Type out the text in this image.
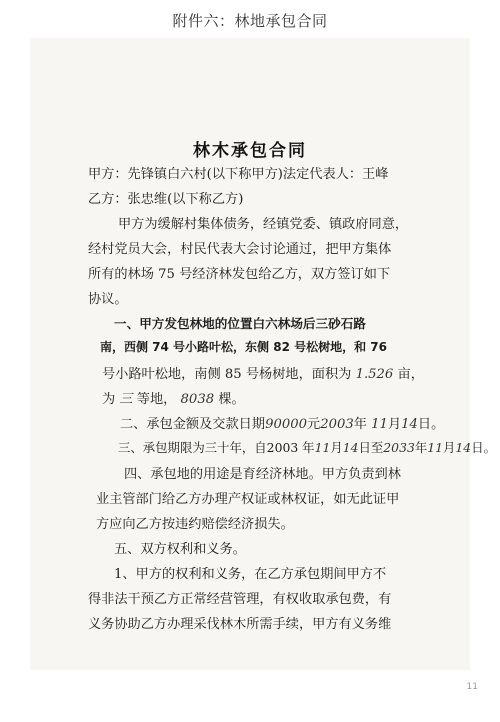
附件六：林地承包合同
林木承包合同
甲方：先锋镇白六村(以下称甲方)法定代表人：王峰
乙方：张忠维(以下称乙方)
甲方为缓解村集体债务，经镇党委、镇政府同意，
经村党员大会，村民代表大会讨论通过，把甲方集体
所有的林场 75 号经济林发包给乙方，双方签订如下
协议。
一、甲方发包林地的位置白六林场后三砂石路
南，西侧 74 号小路叶松，东侧 82 号松树地，和 76
号小路叶松地，南侧 85 号杨树地，面积为 1.526 亩，
为 三 等地， 8038 棵。
二、承包金额及交款日期90000元2003年 11月14日。
三、承包期限为三十年，自2003 年11月14日至2033年11月14日。
四、承包地的用途是育经济林地。甲方负责到林
业主管部门给乙方办理产权证或林权证，如无此证甲
方应向乙方按违约赔偿经济损失。
五、双方权利和义务。
1、甲方的权利和义务，在乙方承包期间甲方不
得非法干预乙方正常经营管理，有权收取承包费，有
义务协助乙方办理采伐林木所需手续，甲方有义务维
11
